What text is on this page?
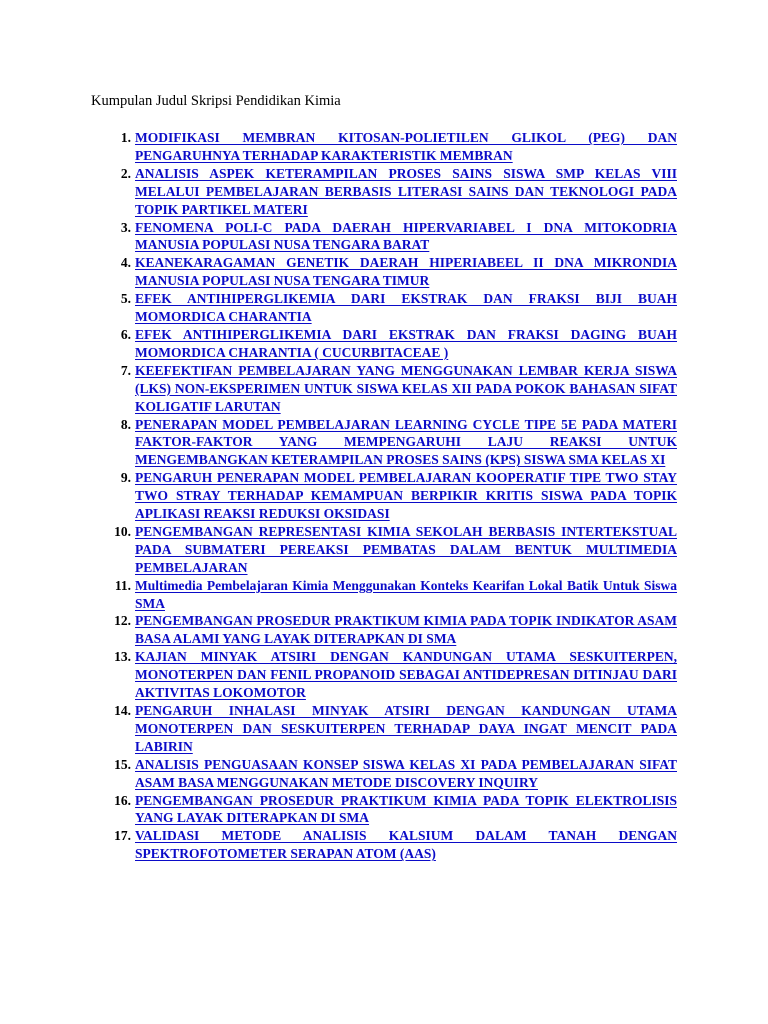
Kumpulan Judul Skripsi Pendidikan Kimia
1. MODIFIKASI MEMBRAN KITOSAN-POLIETILEN GLIKOL (PEG) DAN PENGARUHNYA TERHADAP KARAKTERISTIK MEMBRAN
2. ANALISIS ASPEK KETERAMPILAN PROSES SAINS SISWA SMP KELAS VIII MELALUI PEMBELAJARAN BERBASIS LITERASI SAINS DAN TEKNOLOGI PADA TOPIK PARTIKEL MATERI
3. FENOMENA POLI-C PADA DAERAH HIPERVARIABEL I DNA MITOKODRIA MANUSIA POPULASI NUSA TENGARA BARAT
4. KEANEKARAGAMAN GENETIK DAERAH HIPERIABEEL II DNA MIKRONDIA MANUSIA POPULASI NUSA TENGARA TIMUR
5. EFEK ANTIHIPERGLIKEMIA DARI EKSTRAK DAN FRAKSI BIJI BUAH MOMORDICA CHARANTIA
6. EFEK ANTIHIPERGLIKEMIA DARI EKSTRAK DAN FRAKSI DAGING BUAH MOMORDICA CHARANTIA ( CUCURBITACEAE )
7. KEEFEKTIFAN PEMBELAJARAN YANG MENGGUNAKAN LEMBAR KERJA SISWA (LKS) NON-EKSPERIMEN UNTUK SISWA KELAS XII PADA POKOK BAHASAN SIFAT KOLIGATIF LARUTAN
8. PENERAPAN MODEL PEMBELAJARAN LEARNING CYCLE TIPE 5E PADA MATERI FAKTOR-FAKTOR YANG MEMPENGARUHI LAJU REAKSI UNTUK MENGEMBANGKAN KETERAMPILAN PROSES SAINS (KPS) SISWA SMA KELAS XI
9. PENGARUH PENERAPAN MODEL PEMBELAJARAN KOOPERATIF TIPE TWO STAY TWO STRAY TERHADAP KEMAMPUAN BERPIKIR KRITIS SISWA PADA TOPIK APLIKASI REAKSI REDUKSI OKSIDASI
10. PENGEMBANGAN REPRESENTASI KIMIA SEKOLAH BERBASIS INTERTEKSTUAL PADA SUBMATERI PEREAKSI PEMBATAS DALAM BENTUK MULTIMEDIA PEMBELAJARAN
11. Multimedia Pembelajaran Kimia Menggunakan Konteks Kearifan Lokal Batik Untuk Siswa SMA
12. PENGEMBANGAN PROSEDUR PRAKTIKUM KIMIA PADA TOPIK INDIKATOR ASAM BASA ALAMI YANG LAYAK DITERAPKAN DI SMA
13. KAJIAN MINYAK ATSIRI DENGAN KANDUNGAN UTAMA SESKUITERPEN, MONOTERPEN DAN FENIL PROPANOID SEBAGAI ANTIDEPRESAN DITINJAU DARI AKTIVITAS LOKOMOTOR
14. PENGARUH INHALASI MINYAK ATSIRI DENGAN KANDUNGAN UTAMA MONOTERPEN DAN SESKUITERPEN TERHADAP DAYA INGAT MENCIT PADA LABIRIN
15. ANALISIS PENGUASAAN KONSEP SISWA KELAS XI PADA PEMBELAJARAN SIFAT ASAM BASA MENGGUNAKAN METODE DISCOVERY INQUIRY
16. PENGEMBANGAN PROSEDUR PRAKTIKUM KIMIA PADA TOPIK ELEKTROLISIS YANG LAYAK DITERAPKAN DI SMA
17. VALIDASI METODE ANALISIS KALSIUM DALAM TANAH DENGAN SPEKTROFOTOMETER SERAPAN ATOM (AAS)
